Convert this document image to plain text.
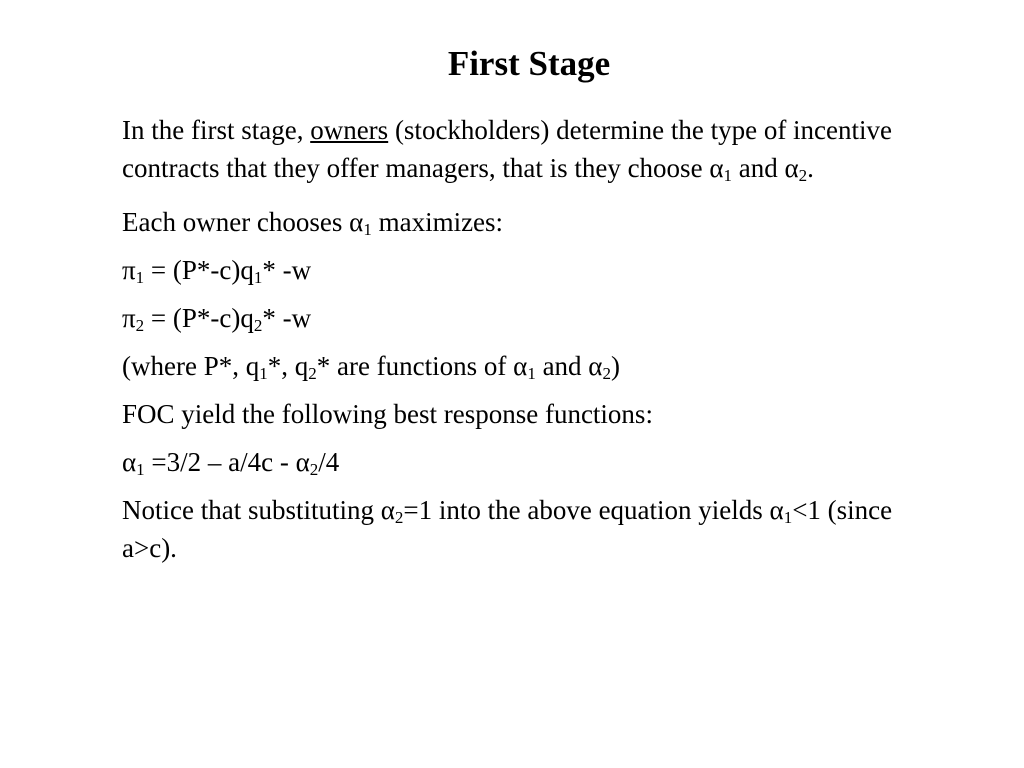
First Stage

In the first stage, owners (stockholders) determine the type of incentive contracts that they offer managers, that is they choose $\alpha_1$ and $\alpha_2$.

Each owner chooses $\alpha_1$ maximizes:

$\pi_1 = (P*-c)q_1*$ -w

$\pi_2 = (P*-c)q_2*$ -w

(where P*, $q_1*$, $q_2*$ are functions of $\alpha_1$ and $\alpha_2$)

FOC yield the following best response functions:

$\alpha_1 =3/2 - a/4c - \alpha_2/4$

Notice that substituting $\alpha_2=1$ into the above equation yields $\alpha_1<1$ (since a>c).
